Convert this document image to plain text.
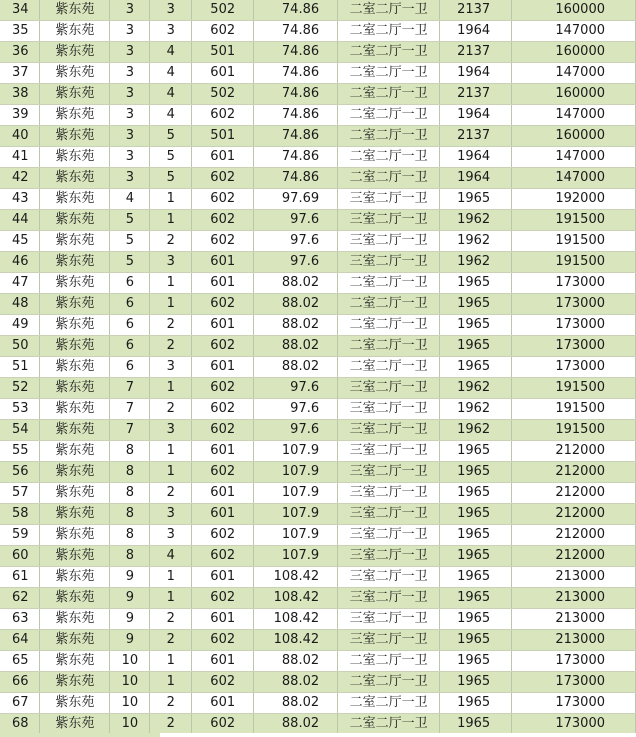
34	紫东苑	3	3	502	74.86	二室二厅一卫	2137	160000
35	紫东苑	3	3	602	74.86	二室二厅一卫	1964	147000
36	紫东苑	3	4	501	74.86	二室二厅一卫	2137	160000
37	紫东苑	3	4	601	74.86	二室二厅一卫	1964	147000
38	紫东苑	3	4	502	74.86	二室二厅一卫	2137	160000
39	紫东苑	3	4	602	74.86	二室二厅一卫	1964	147000
40	紫东苑	3	5	501	74.86	二室二厅一卫	2137	160000
41	紫东苑	3	5	601	74.86	二室二厅一卫	1964	147000
42	紫东苑	3	5	602	74.86	二室二厅一卫	1964	147000
43	紫东苑	4	1	602	97.69	三室二厅一卫	1965	192000
44	紫东苑	5	1	602	97.6	三室二厅一卫	1962	191500
45	紫东苑	5	2	602	97.6	三室二厅一卫	1962	191500
46	紫东苑	5	3	601	97.6	三室二厅一卫	1962	191500
47	紫东苑	6	1	601	88.02	二室二厅一卫	1965	173000
48	紫东苑	6	1	602	88.02	二室二厅一卫	1965	173000
49	紫东苑	6	2	601	88.02	二室二厅一卫	1965	173000
50	紫东苑	6	2	602	88.02	二室二厅一卫	1965	173000
51	紫东苑	6	3	601	88.02	二室二厅一卫	1965	173000
52	紫东苑	7	1	602	97.6	三室二厅一卫	1962	191500
53	紫东苑	7	2	602	97.6	三室二厅一卫	1962	191500
54	紫东苑	7	3	602	97.6	三室二厅一卫	1962	191500
55	紫东苑	8	1	601	107.9	三室二厅一卫	1965	212000
56	紫东苑	8	1	602	107.9	三室二厅一卫	1965	212000
57	紫东苑	8	2	601	107.9	三室二厅一卫	1965	212000
58	紫东苑	8	3	601	107.9	三室二厅一卫	1965	212000
59	紫东苑	8	3	602	107.9	三室二厅一卫	1965	212000
60	紫东苑	8	4	602	107.9	三室二厅一卫	1965	212000
61	紫东苑	9	1	601	108.42	三室二厅一卫	1965	213000
62	紫东苑	9	1	602	108.42	三室二厅一卫	1965	213000
63	紫东苑	9	2	601	108.42	三室二厅一卫	1965	213000
64	紫东苑	9	2	602	108.42	三室二厅一卫	1965	213000
65	紫东苑	10	1	601	88.02	二室二厅一卫	1965	173000
66	紫东苑	10	1	602	88.02	二室二厅一卫	1965	173000
67	紫东苑	10	2	601	88.02	二室二厅一卫	1965	173000
68	紫东苑	10	2	602	88.02	二室二厅一卫	1965	173000
